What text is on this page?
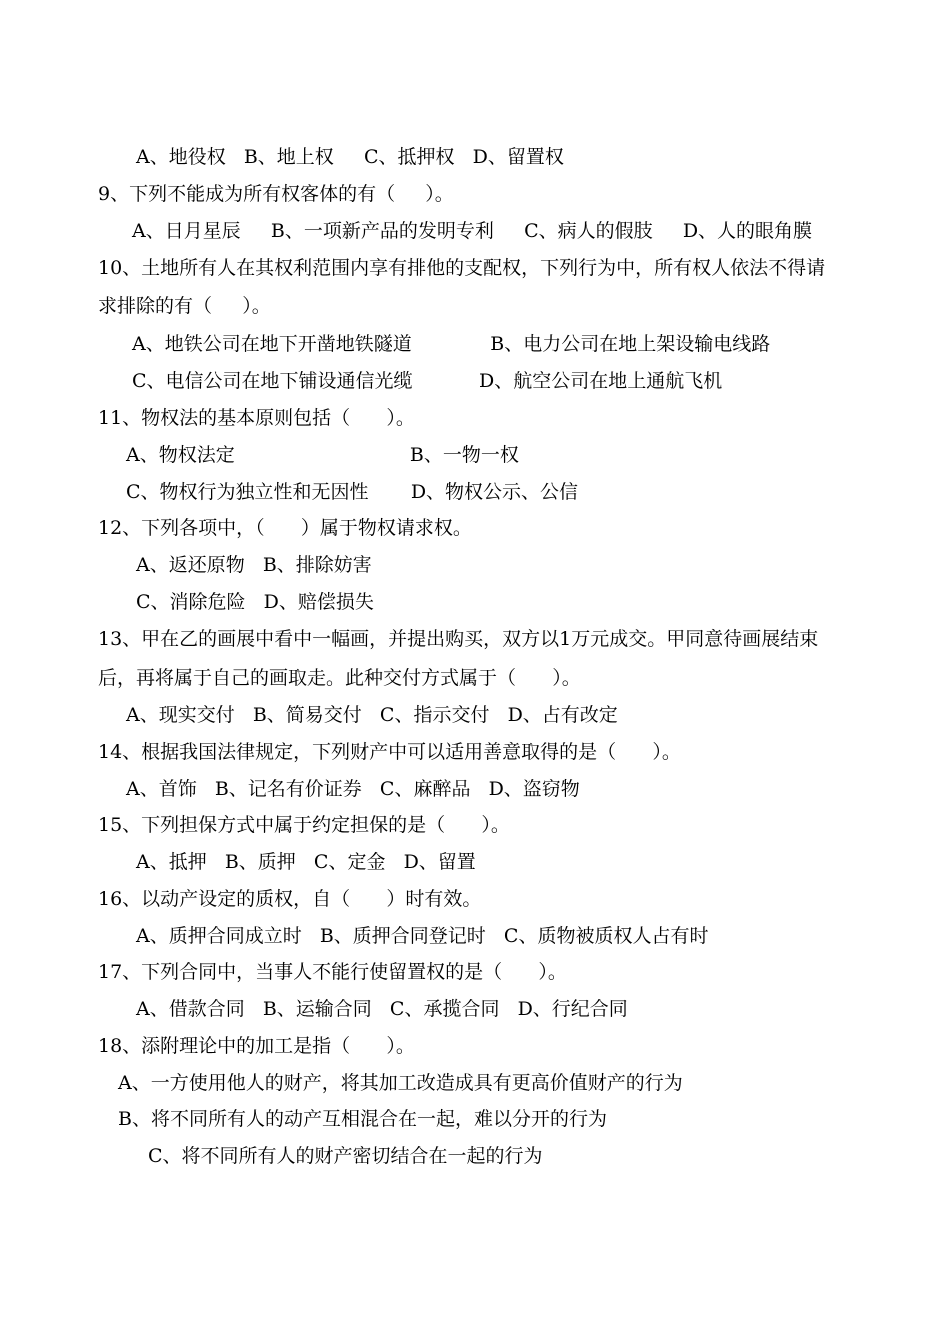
A、地役权   B、地上权     C、抵押权   D、留置权
9、下列不能成为所有权客体的有（     ）。
A、日月星辰     B、一项新产品的发明专利     C、病人的假肢     D、人的眼角膜
10、土地所有人在其权利范围内享有排他的支配权，下列行为中，所有权人依法不得请
求排除的有（     ）。
A、地铁公司在地下开凿地铁隧道             B、电力公司在地上架设输电线路
C、电信公司在地下铺设通信光缆           D、航空公司在地上通航飞机
11、物权法的基本原则包括（      ）。
A、物权法定                             B、一物一权
C、物权行为独立性和无因性       D、物权公示、公信
12、下列各项中，（      ）属于物权请求权。
A、返还原物   B、排除妨害
C、消除危险   D、赔偿损失
13、甲在乙的画展中看中一幅画，并提出购买，双方以1万元成交。甲同意待画展结束
后，再将属于自己的画取走。此种交付方式属于（      ）。
A、现实交付   B、简易交付   C、指示交付   D、占有改定
14、根据我国法律规定，下列财产中可以适用善意取得的是（      ）。
A、首饰   B、记名有价证券   C、麻醉品   D、盗窃物
15、下列担保方式中属于约定担保的是（      ）。
A、抵押   B、质押   C、定金   D、留置
16、以动产设定的质权，自（      ）时有效。
A、质押合同成立时   B、质押合同登记时   C、质物被质权人占有时
17、下列合同中，当事人不能行使留置权的是（      ）。
A、借款合同   B、运输合同   C、承揽合同   D、行纪合同
18、添附理论中的加工是指（      ）。
A、一方使用他人的财产，将其加工改造成具有更高价值财产的行为
B、将不同所有人的动产互相混合在一起，难以分开的行为
C、将不同所有人的财产密切结合在一起的行为
